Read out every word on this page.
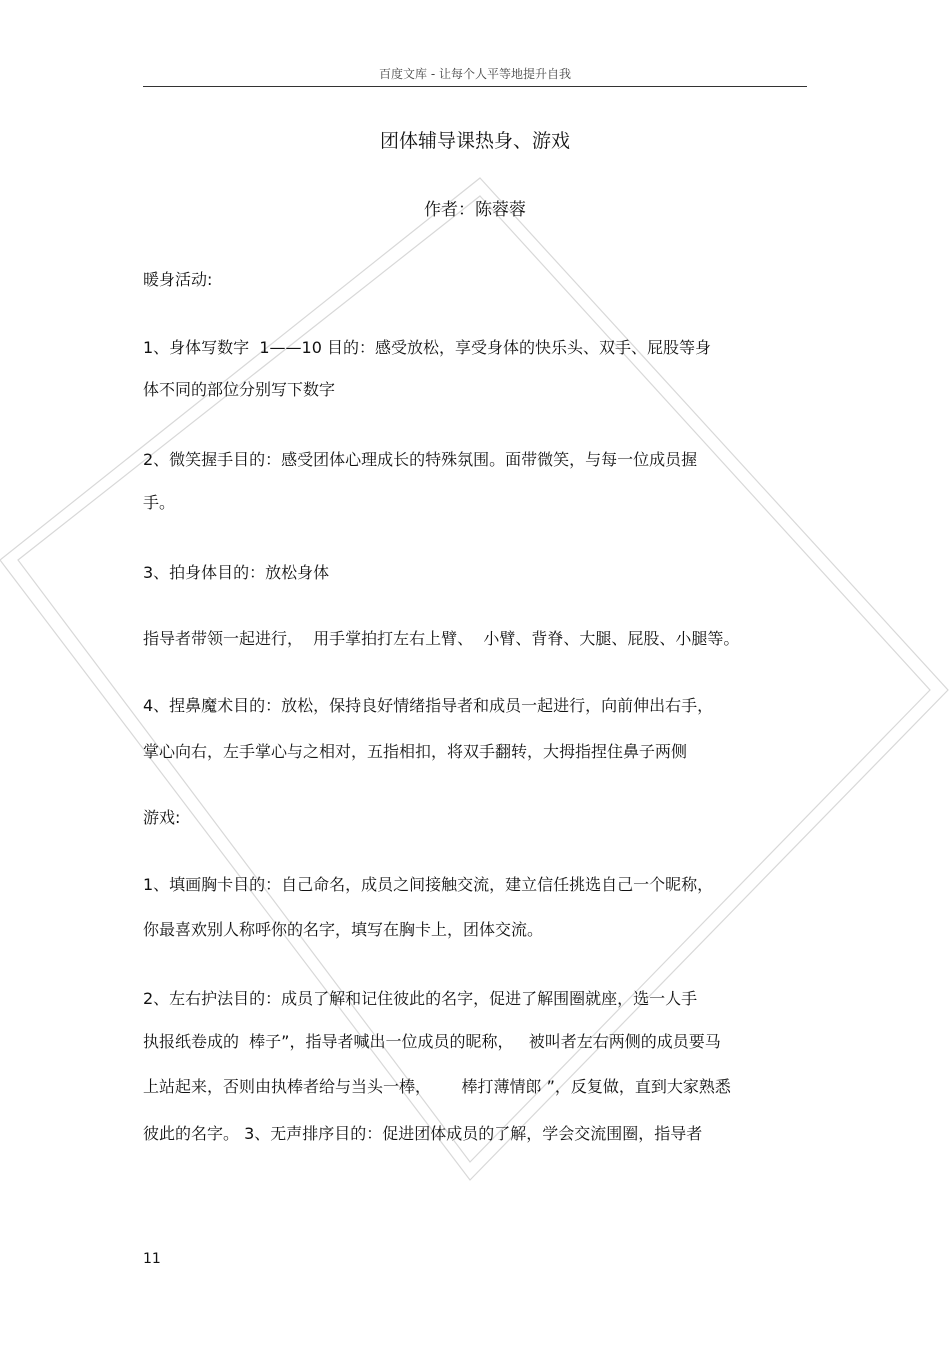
百度文库 - 让每个人平等地提升自我
团体辅导课热身、游戏
作者：陈蓉蓉
暖身活动:
1、身体写数字  1——10 目的：感受放松，享受身体的快乐头、双手、屁股等身
体不同的部位分别写下数字
2、微笑握手目的：感受团体心理成长的特殊氛围。面带微笑，与每一位成员握
手。
3、拍身体目的：放松身体
指导者带领一起进行，  用手掌拍打左右上臂、  小臂、背脊、大腿、屁股、小腿等。
4、捏鼻魔术目的：放松，保持良好情绪指导者和成员一起进行，向前伸出右手，
掌心向右，左手掌心与之相对，五指相扣，将双手翻转，大拇指捏住鼻子两侧
游戏:
1、填画胸卡目的：自己命名，成员之间接触交流，建立信任挑选自己一个昵称，
你最喜欢别人称呼你的名字，填写在胸卡上，团体交流。
2、左右护法目的：成员了解和记住彼此的名字，促进了解围圈就座，选一人手
执报纸卷成的  棒子”，指导者喊出一位成员的昵称，   被叫者左右两侧的成员要马
上站起来，否则由执棒者给与当头一棒，      棒打薄情郎 ”，反复做，直到大家熟悉
彼此的名字。 3、无声排序目的：促进团体成员的了解，学会交流围圈，指导者
11
